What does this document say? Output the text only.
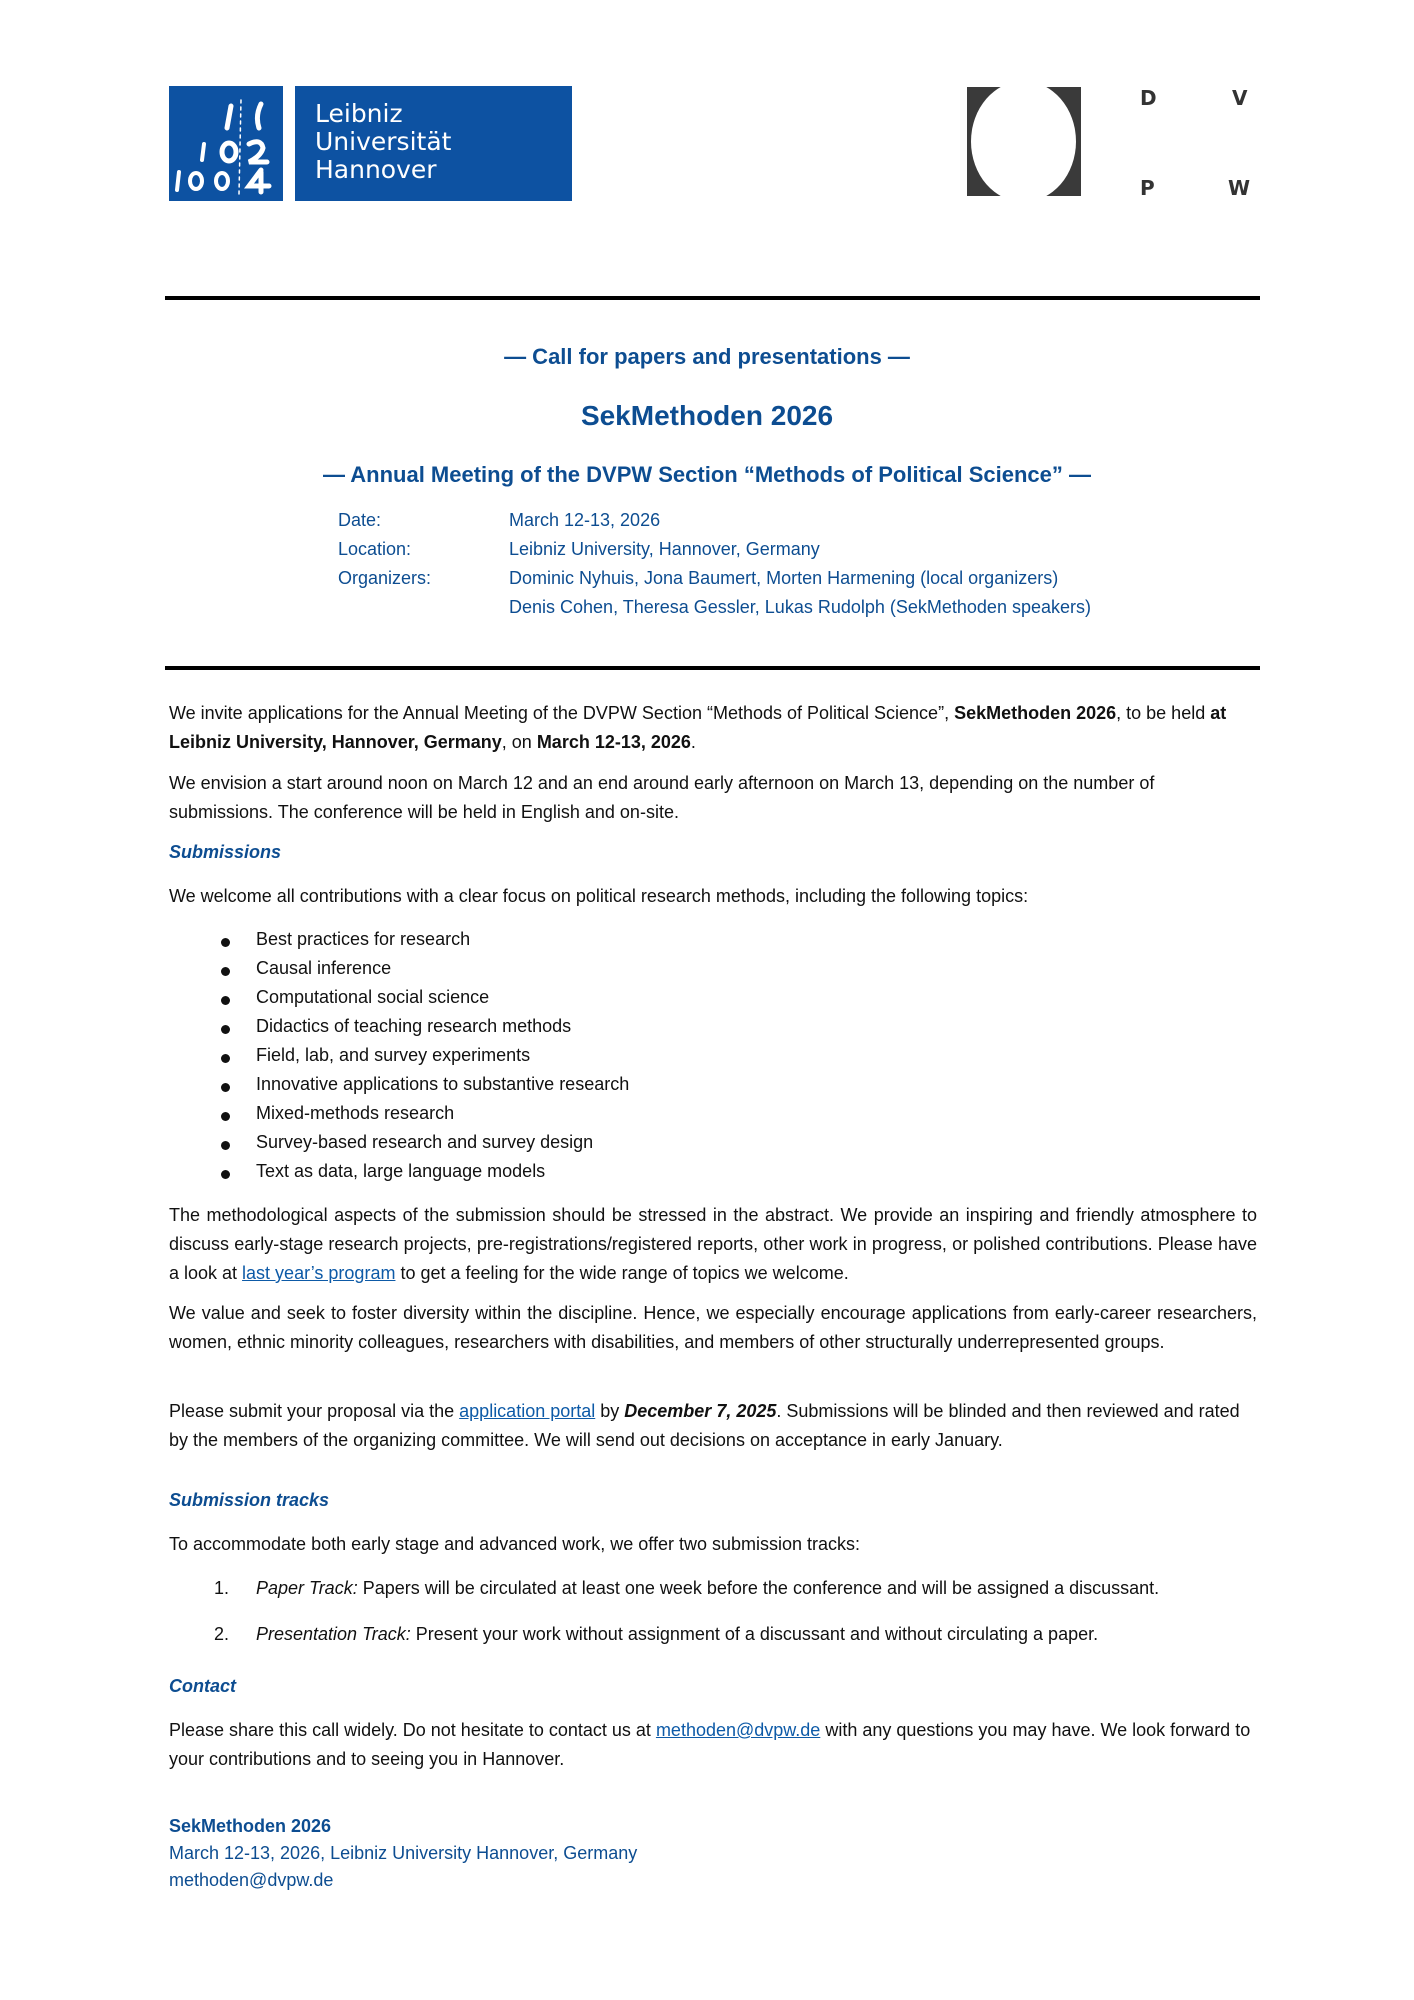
Leibniz
Universität
Hannover
D	V
P	W
— Call for papers and presentations —
SekMethoden 2026
— Annual Meeting of the DVPW Section “Methods of Political Science” —
Date:	March 12-13, 2026
Location:	Leibniz University, Hannover, Germany
Organizers:	Dominic Nyhuis, Jona Baumert, Morten Harmening (local organizers)
Denis Cohen, Theresa Gessler, Lukas Rudolph (SekMethoden speakers)
We invite applications for the Annual Meeting of the DVPW Section “Methods of Political Science”, SekMethoden 2026, to be held at Leibniz University, Hannover, Germany, on March 12-13, 2026.
We envision a start around noon on March 12 and an end around early afternoon on March 13, depending on the number of submissions. The conference will be held in English and on-site.
Submissions
We welcome all contributions with a clear focus on political research methods, including the following topics:
Best practices for research
Causal inference
Computational social science
Didactics of teaching research methods
Field, lab, and survey experiments
Innovative applications to substantive research
Mixed-methods research
Survey-based research and survey design
Text as data, large language models
The methodological aspects of the submission should be stressed in the abstract. We provide an inspiring and friendly atmosphere to discuss early-stage research projects, pre-registrations/registered reports, other work in progress, or polished contributions. Please have a look at last year’s program to get a feeling for the wide range of topics we welcome.
We value and seek to foster diversity within the discipline. Hence, we especially encourage applications from early-career researchers, women, ethnic minority colleagues, researchers with disabilities, and members of other structurally underrepresented groups.
Please submit your proposal via the application portal by December 7, 2025. Submissions will be blinded and then reviewed and rated by the members of the organizing committee. We will send out decisions on acceptance in early January.
Submission tracks
To accommodate both early stage and advanced work, we offer two submission tracks:
1. Paper Track: Papers will be circulated at least one week before the conference and will be assigned a discussant.
2. Presentation Track: Present your work without assignment of a discussant and without circulating a paper.
Contact
Please share this call widely. Do not hesitate to contact us at methoden@dvpw.de with any questions you may have. We look forward to your contributions and to seeing you in Hannover.
SekMethoden 2026
March 12-13, 2026, Leibniz University Hannover, Germany
methoden@dvpw.de
